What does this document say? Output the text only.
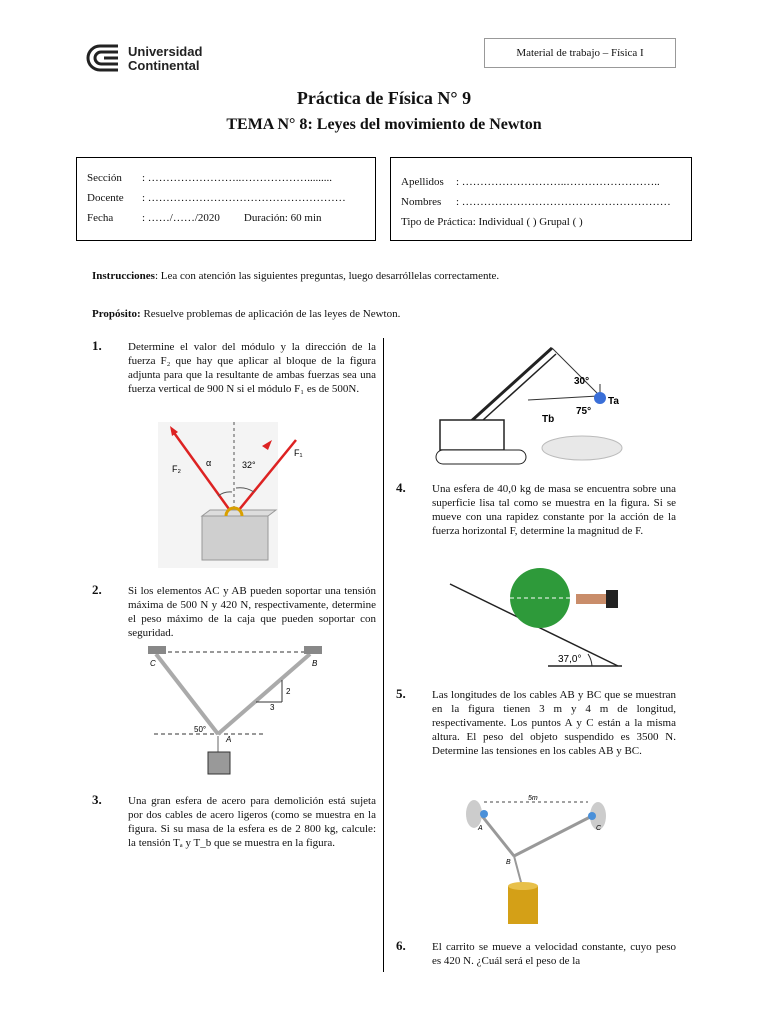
Universidad
Continental
Material de trabajo – Física I
Práctica de Física N° 9
TEMA N° 8: Leyes del movimiento de Newton
Sección : ……………………..……………….........
Docente : ………………………………………………
Fecha	: ……/……/2020 Duración: 60 min
Apellidos : ………………………..……………………..
Nombres : …………………………………………………
Tipo de Práctica: Individual ( ) Grupal ( )
Instrucciones: Lea con atención las siguientes preguntas, luego desarróllelas correctamente.
Propósito: Resuelve problemas de aplicación de las leyes de Newton.
1. Determine el valor del módulo y la dirección de la fuerza F₂ que hay que aplicar al bloque de la figura adjunta para que la resultante de ambas fuerzas sea una fuerza vertical de 900 N si el módulo F₁ es de 500N.
α	32°
F₂
F₁
2. Si los elementos AC y AB pueden soportar una tensión máxima de 500 N y 420 N, respectivamente, determine el peso máximo de la caja que pueden soportar con seguridad.
C	B
A
50°
2
3
3. Una gran esfera de acero para demolición está sujeta por dos cables de acero ligeros (como se muestra en la figura. Si su masa de la esfera es de 2 800 kg, calcule: la tensión Tₐ y T_b que se muestra en la figura.
30°
75°
Ta
Tb
4. Una esfera de 40,0 kg de masa se encuentra sobre una superficie lisa tal como se muestra en la figura. Si se mueve con una rapidez constante por la acción de la fuerza horizontal F, determine la magnitud de F.
37,0°
5. Las longitudes de los cables AB y BC que se muestran en la figura tienen 3 m y 4 m de longitud, respectivamente. Los puntos A y C están a la misma altura. El peso del objeto suspendido es 3500 N. Determine las tensiones en los cables AB y BC.
5m
A
B
C
6. El carrito se mueve a velocidad constante, cuyo peso es 420 N. ¿Cuál será el peso de la
